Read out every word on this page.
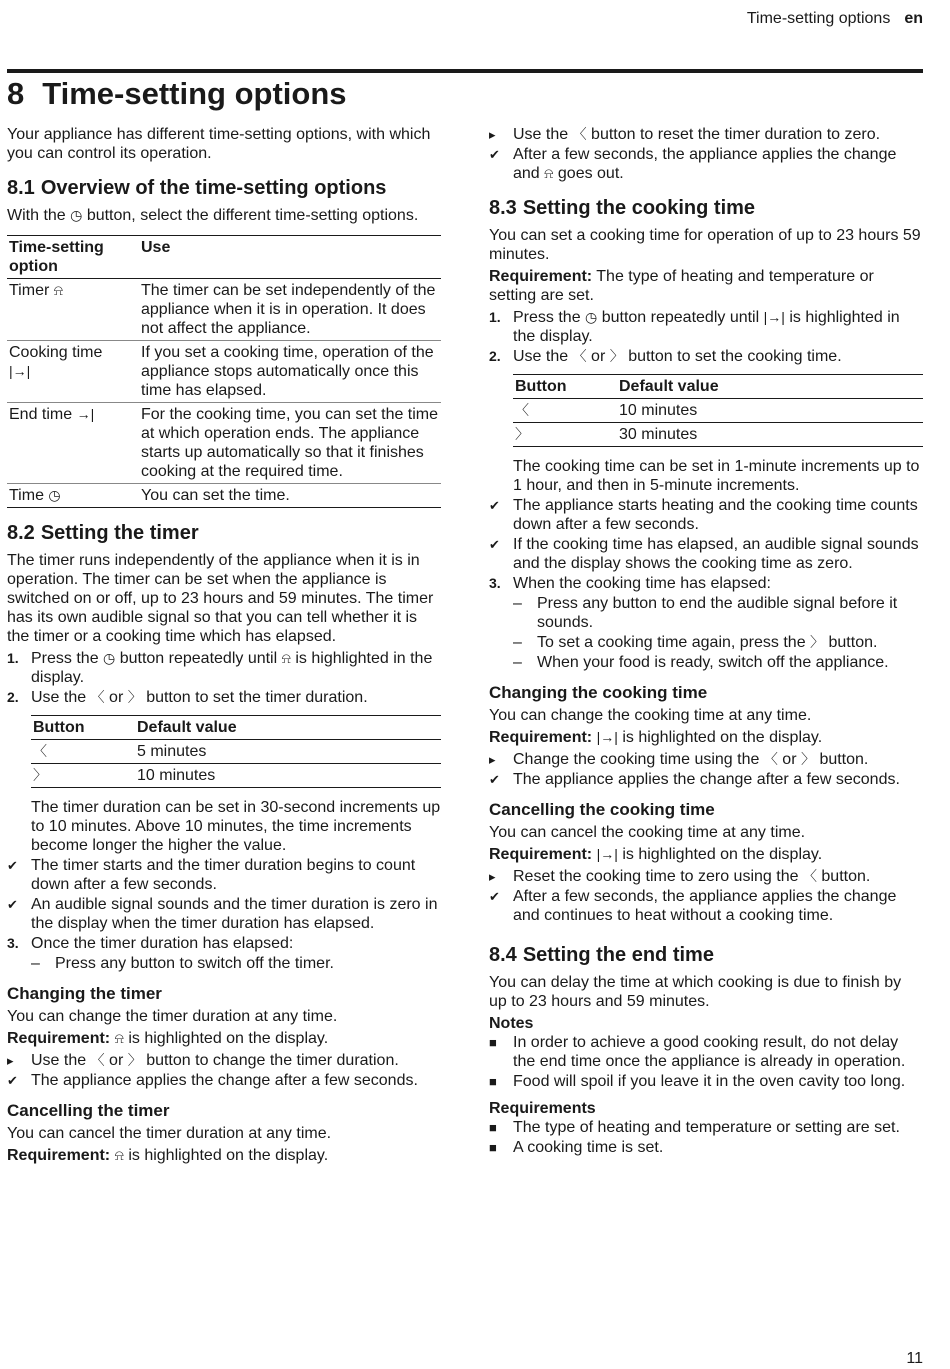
Time-setting options en
8 Time-setting options

Your appliance has different time-setting options, with which you can control its operation.

8.1 Overview of the time-setting options

With the ◷ button, select the different time-setting options.

Time-setting option	Use
Timer ⍾	The timer can be set independently of the appliance when it is in operation. It does not affect the appliance.
Cooking time
|→|	If you set a cooking time, operation of the appliance stops automatically once this time has elapsed.
End time →|	For the cooking time, you can set the time at which operation ends. The appliance starts up automatically so that it finishes cooking at the required time.
Time ◷	You can set the time.
8.2 Setting the timer

The timer runs independently of the appliance when it is in operation. The timer can be set when the appliance is switched on or off, up to 23 hours and 59 minutes. The timer has its own audible signal so that you can tell whether it is the timer or a cooking time which has elapsed.

1. Press the ◷ button repeatedly until ⍾ is highlighted in the display.
2. Use the 〈 or 〉 button to set the timer duration.
Button	Default value
〈	5 minutes
〉	10 minutes

The timer duration can be set in 30-second increments up to 10 minutes. Above 10 minutes, the time increments become longer the higher the value.

✔ The timer starts and the timer duration begins to count down after a few seconds.
✔ An audible signal sounds and the timer duration is zero in the display when the timer duration has elapsed.
3. Once the timer duration has elapsed:
– Press any button to switch off the timer.
Changing the timer

You can change the timer duration at any time.

Requirement: ⍾ is highlighted on the display.

▸	Use the 〈 or 〉 button to change the timer duration.
✔ The appliance applies the change after a few seconds.
Cancelling the timer

You can cancel the timer duration at any time.

Requirement: ⍾ is highlighted on the display.

▸	Use the 〈 button to reset the timer duration to zero.
✔ After a few seconds, the appliance applies the change and ⍾ goes out.
8.3 Setting the cooking time

You can set a cooking time for operation of up to 23 hours 59 minutes.

Requirement: The type of heating and temperature or setting are set.

1. Press the ◷ button repeatedly until |→| is highlighted in the display.
2. Use the 〈 or 〉 button to set the cooking time.
Button	Default value
〈	10 minutes
〉	30 minutes

The cooking time can be set in 1-minute increments up to 1 hour, and then in 5-minute increments.

✔ The appliance starts heating and the cooking time counts down after a few seconds.
✔ If the cooking time has elapsed, an audible signal sounds and the display shows the cooking time as zero.
3. When the cooking time has elapsed:
– Press any button to end the audible signal before it sounds.
– To set a cooking time again, press the 〉 button.
– When your food is ready, switch off the appliance.
Changing the cooking time

You can change the cooking time at any time.

Requirement: |→| is highlighted on the display.

▸	Change the cooking time using the 〈 or 〉 button.
✔ The appliance applies the change after a few seconds.
Cancelling the cooking time

You can cancel the cooking time at any time.

Requirement: |→| is highlighted on the display.

▸	Reset the cooking time to zero using the 〈 button.
✔ After a few seconds, the appliance applies the change and continues to heat without a cooking time.
8.4 Setting the end time

You can delay the time at which cooking is due to finish by up to 23 hours and 59 minutes.

Notes
■	In order to achieve a good cooking result, do not delay the end time once the appliance is already in operation.
■	Food will spoil if you leave it in the oven cavity too long.
Requirements
■	The type of heating and temperature or setting are set.
■	A cooking time is set.
11
